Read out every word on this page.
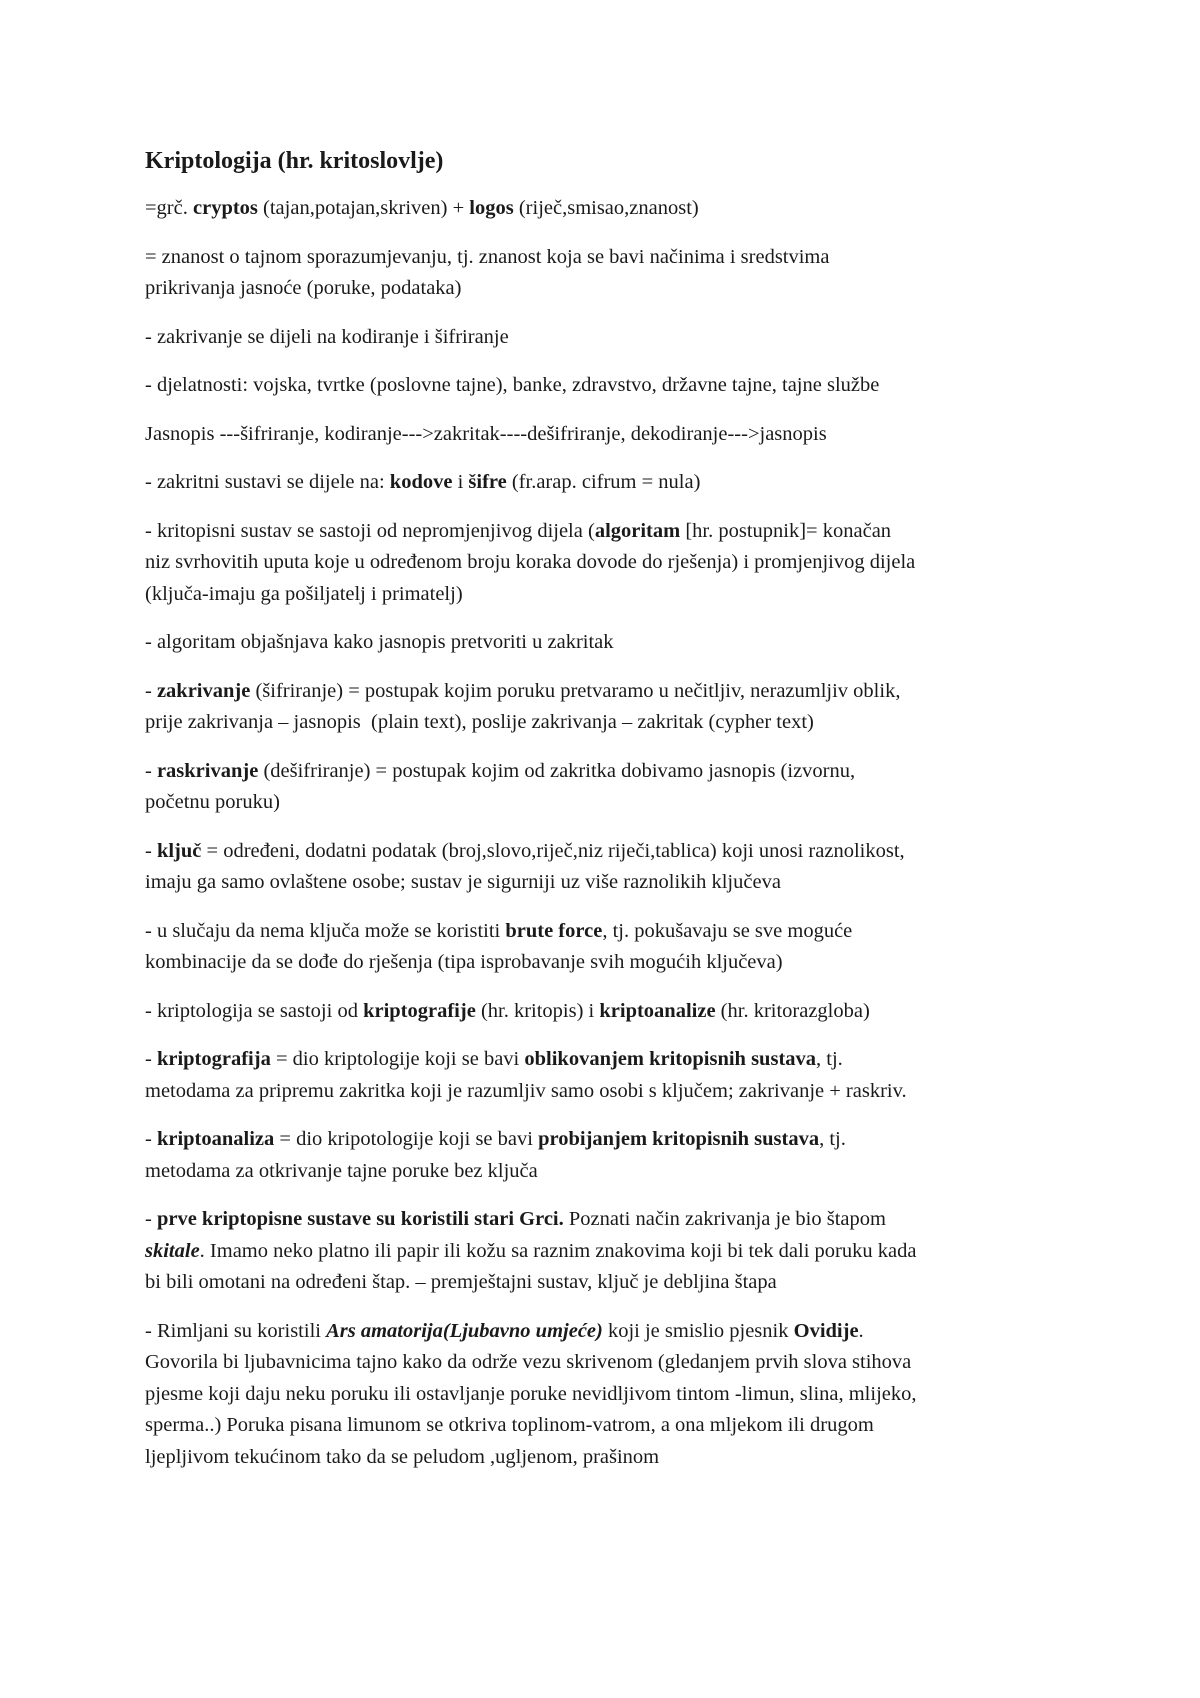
Kriptologija (hr. kritoslovlje)
=grč. cryptos (tajan,potajan,skriven) + logos (riječ,smisao,znanost)
= znanost o tajnom sporazumjevanju, tj. znanost koja se bavi načinima i sredstvima
prikrivanja jasnoće (poruke, podataka)
- zakrivanje se dijeli na kodiranje i šifriranje
- djelatnosti: vojska, tvrtke (poslovne tajne), banke, zdravstvo, državne tajne, tajne službe
Jasnopis ---šifriranje, kodiranje--->zakritak----dešifriranje, dekodiranje--->jasnopis
- zakritni sustavi se dijele na: kodove i šifre (fr.arap. cifrum = nula)
- kritopisni sustav se sastoji od nepromjenjivog dijela (algoritam [hr. postupnik]= konačan
niz svrhovitih uputa koje u određenom broju koraka dovode do rješenja) i promjenjivog dijela
(ključa-imaju ga pošiljatelj i primatelj)
- algoritam objašnjava kako jasnopis pretvoriti u zakritak
- zakrivanje (šifriranje) = postupak kojim poruku pretvaramo u nečitljiv, nerazumljiv oblik,
prije zakrivanja – jasnopis  (plain text), poslije zakrivanja – zakritak (cypher text)
- raskrivanje (dešifriranje) = postupak kojim od zakritka dobivamo jasnopis (izvornu,
početnu poruku)
- ključ = određeni, dodatni podatak (broj,slovo,riječ,niz riječi,tablica) koji unosi raznolikost,
imaju ga samo ovlaštene osobe; sustav je sigurniji uz više raznolikih ključeva
- u slučaju da nema ključa može se koristiti brute force, tj. pokušavaju se sve moguće
kombinacije da se dođe do rješenja (tipa isprobavanje svih mogućih ključeva)
- kriptologija se sastoji od kriptografije (hr. kritopis) i kriptoanalize (hr. kritorazgloba)
- kriptografija = dio kriptologije koji se bavi oblikovanjem kritopisnih sustava, tj.
metodama za pripremu zakritka koji je razumljiv samo osobi s ključem; zakrivanje + raskriv.
- kriptoanaliza = dio kripotologije koji se bavi probijanjem kritopisnih sustava, tj.
metodama za otkrivanje tajne poruke bez ključa
- prve kriptopisne sustave su koristili stari Grci. Poznati način zakrivanja je bio štapom
skitale. Imamo neko platno ili papir ili kožu sa raznim znakovima koji bi tek dali poruku kada
bi bili omotani na određeni štap. – premještajni sustav, ključ je debljina štapa
- Rimljani su koristili Ars amatorija(Ljubavno umjeće) koji je smislio pjesnik Ovidije.
Govorila bi ljubavnicima tajno kako da održe vezu skrivenom (gledanjem prvih slova stihova
pjesme koji daju neku poruku ili ostavljanje poruke nevidljivom tintom -limun, slina, mlijeko,
sperma..) Poruka pisana limunom se otkriva toplinom-vatrom, a ona mljekom ili drugom
ljepljivom tekućinom tako da se peludom ,ugljenom, prašinom
